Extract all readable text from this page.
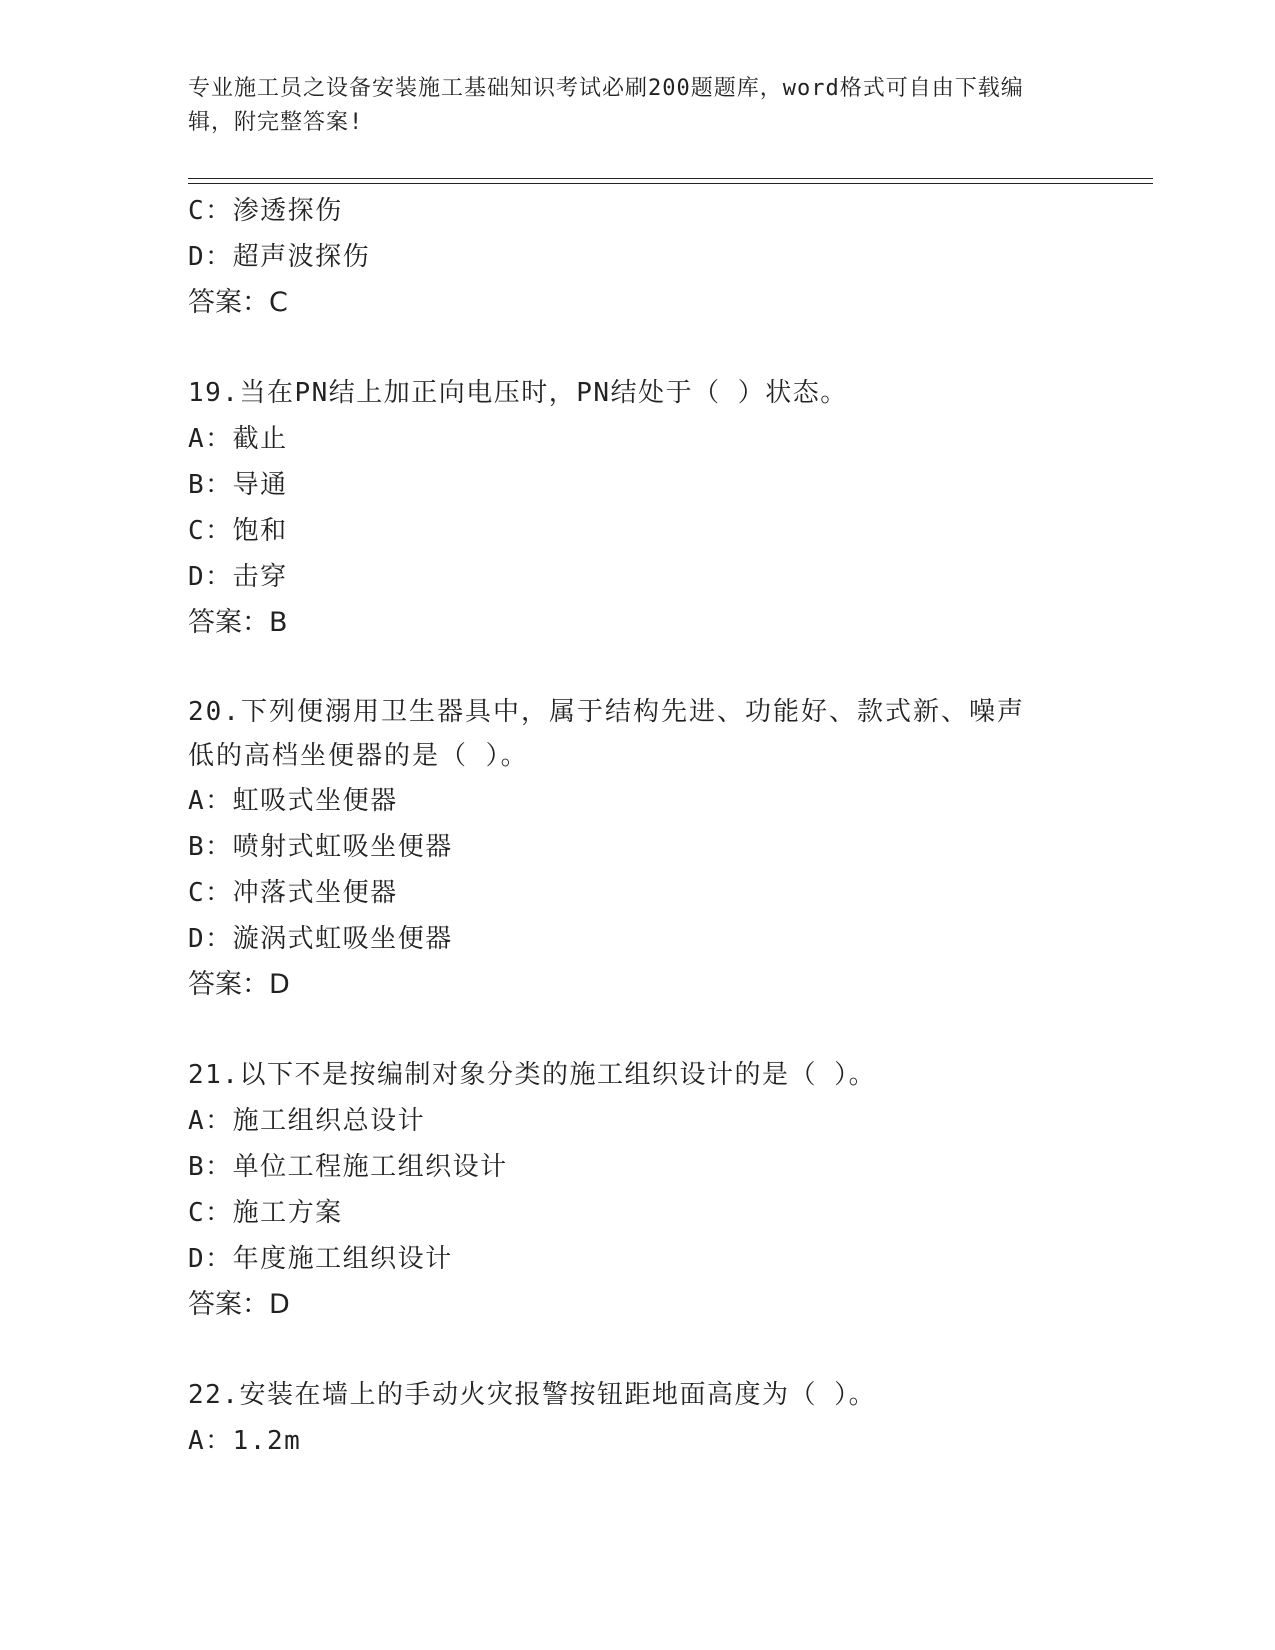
专业施工员之设备安装施工基础知识考试必刷200题题库，word格式可自由下载编辑，附完整答案!
C：渗透探伤
D：超声波探伤
答案：C
19.当在PN结上加正向电压时，PN结处于（ ）状态。
A：截止
B：导通
C：饱和
D：击穿
答案：B
20.下列便溺用卫生器具中，属于结构先进、功能好、款式新、噪声低的高档坐便器的是（ ）。
A：虹吸式坐便器
B：喷射式虹吸坐便器
C：冲落式坐便器
D：漩涡式虹吸坐便器
答案：D
21.以下不是按编制对象分类的施工组织设计的是（ ）。
A：施工组织总设计
B：单位工程施工组织设计
C：施工方案
D：年度施工组织设计
答案：D
22.安装在墙上的手动火灾报警按钮距地面高度为（ ）。
A：1.2m
